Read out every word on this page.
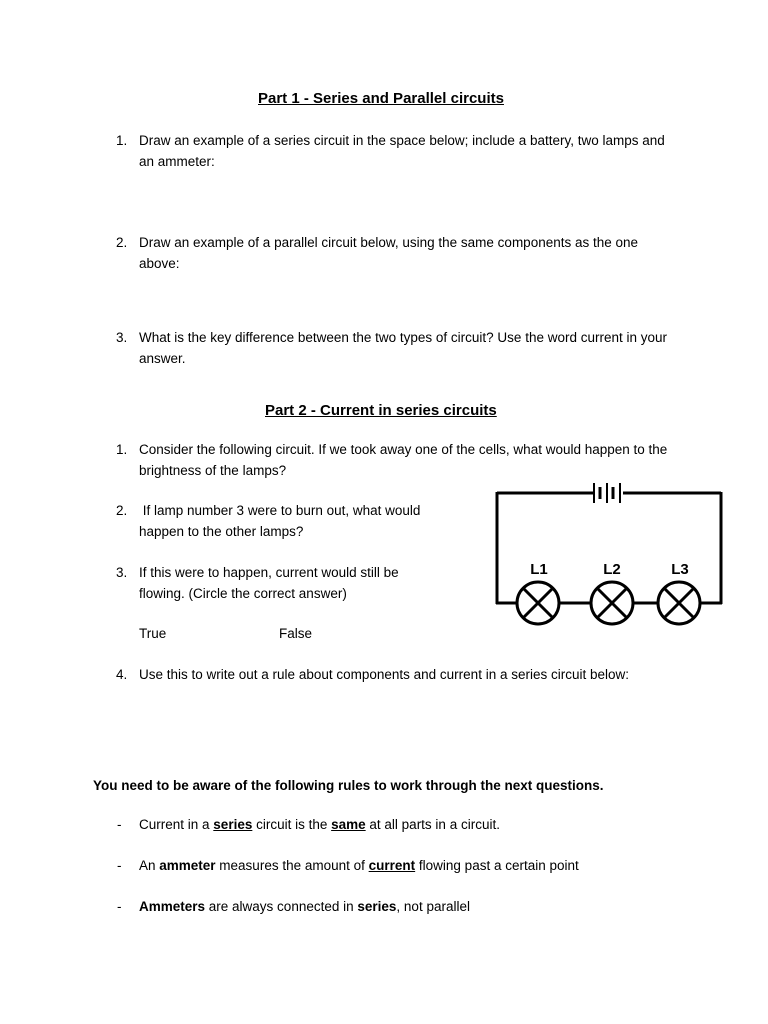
Part 1 - Series and Parallel circuits
1. Draw an example of a series circuit in the space below; include a battery, two lamps and an ammeter:
2. Draw an example of a parallel circuit below, using the same components as the one above:
3. What is the key difference between the two types of circuit? Use the word current in your answer.
Part 2 - Current in series circuits
1. Consider the following circuit. If we took away one of the cells, what would happen to the brightness of the lamps?
2. If lamp number 3 were to burn out, what would happen to the other lamps?
3. If this were to happen, current would still be flowing. (Circle the correct answer)
True	False
4. Use this to write out a rule about components and current in a series circuit below:
L1	L2	L3
You need to be aware of the following rules to work through the next questions.
- Current in a series circuit is the same at all parts in a circuit.
- An ammeter measures the amount of current flowing past a certain point
- Ammeters are always connected in series, not parallel
